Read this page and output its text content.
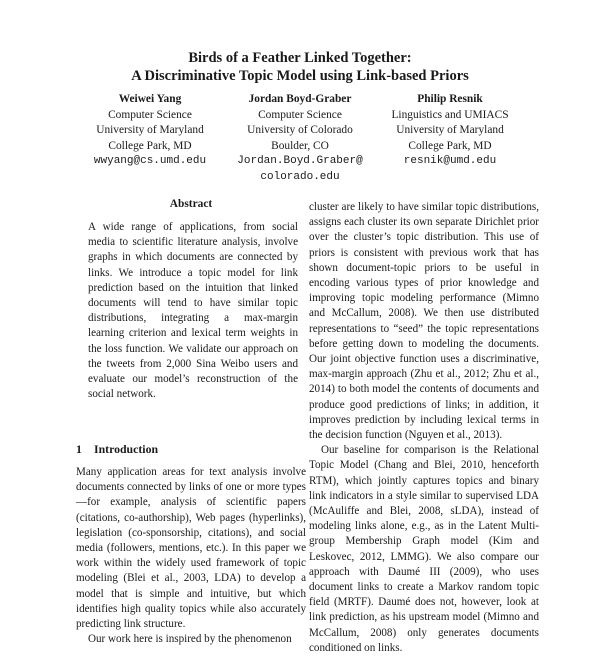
Birds of a Feather Linked Together:
A Discriminative Topic Model using Link-based Priors
Weiwei Yang
Computer Science
University of Maryland
College Park, MD
wwyang@cs.umd.edu
Jordan Boyd-Graber
Computer Science
University of Colorado
Boulder, CO
Jordan.Boyd.Graber@
colorado.edu
Philip Resnik
Linguistics and UMIACS
University of Maryland
College Park, MD
resnik@umd.edu
Abstract

A wide range of applications, from social media to scientific literature analysis, involve graphs in which documents are connected by links. We introduce a topic model for link prediction based on the intuition that linked documents will tend to have similar topic distributions, integrating a max-margin learning criterion and lexical term weights in the loss function. We validate our approach on the tweets from 2,000 Sina Weibo users and evaluate our model’s reconstruction of the social network.

1 Introduction

Many application areas for text analysis involve documents connected by links of one or more types—for example, analysis of scientific papers (citations, co-authorship), Web pages (hyperlinks), legislation (co-sponsorship, citations), and social media (followers, mentions, etc.). In this paper we work within the widely used framework of topic modeling (Blei et al., 2003, LDA) to develop a model that is simple and intuitive, but which identifies high quality topics while also accurately predicting link structure.

Our work here is inspired by the phenomenon

cluster are likely to have similar topic distributions, assigns each cluster its own separate Dirichlet prior over the cluster’s topic distribution. This use of priors is consistent with previous work that has shown document-topic priors to be useful in encoding various types of prior knowledge and improving topic modeling performance (Mimno and McCallum, 2008). We then use distributed representations to “seed” the topic representations before getting down to modeling the documents. Our joint objective function uses a discriminative, max-margin approach (Zhu et al., 2012; Zhu et al., 2014) to both model the contents of documents and produce good predictions of links; in addition, it improves prediction by including lexical terms in the decision function (Nguyen et al., 2013).

Our baseline for comparison is the Relational Topic Model (Chang and Blei, 2010, henceforth RTM), which jointly captures topics and binary link indicators in a style similar to supervised LDA (McAuliffe and Blei, 2008, sLDA), instead of modeling links alone, e.g., as in the Latent Multi-group Membership Graph model (Kim and Leskovec, 2012, LMMG). We also compare our approach with Daumé III (2009), who uses document links to create a Markov random topic field (MRTF). Daumé does not, however, look at link prediction, as his upstream model (Mimno and McCallum, 2008) only generates documents conditioned on links.
